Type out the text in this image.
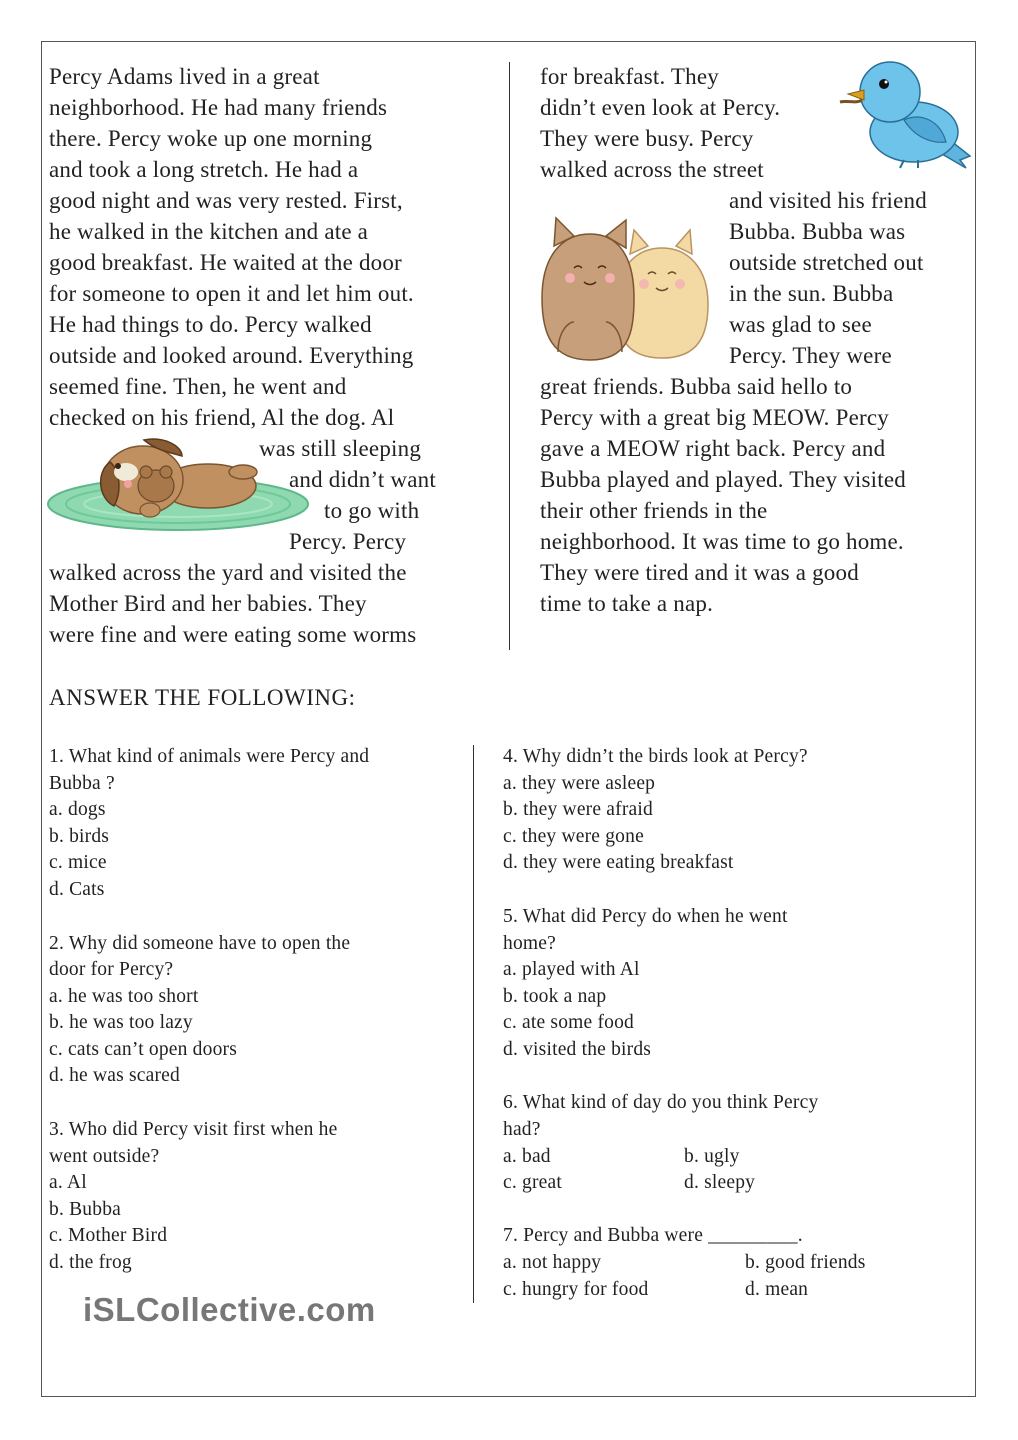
Percy Adams lived in a great
neighborhood. He had many friends
there. Percy woke up one morning
and took a long stretch. He had a
good night and was very rested. First,
he walked in the kitchen and ate a
good breakfast. He waited at the door
for someone to open it and let him out.
He had things to do. Percy walked
outside and looked around. Everything
seemed fine. Then, he went and
checked on his friend, Al the dog. Al
was still sleeping
and didn’t want
to go with
Percy. Percy
walked across the yard and visited the
Mother Bird and her babies. They
were fine and were eating some worms
for breakfast. They
didn’t even look at Percy.
They were busy. Percy
walked across the street
and visited his friend
Bubba. Bubba was
outside stretched out
in the sun. Bubba
was glad to see
Percy. They were
great friends. Bubba said hello to
Percy with a great big MEOW. Percy
gave a MEOW right back. Percy and
Bubba played and played. They visited
their other friends in the
neighborhood. It was time to go home.
They were tired and it was a good
time to take a nap.
ANSWER THE FOLLOWING:
1. What kind of animals were Percy and
Bubba ?
a. dogs
b. birds
c. mice
d. Cats
2. Why did someone have to open the
door for Percy?
a. he was too short
b. he was too lazy
c. cats can’t open doors
d. he was scared
3. Who did Percy visit first when he
went outside?
a. Al
b. Bubba
c. Mother Bird
d. the frog
4. Why didn’t the birds look at Percy?
a. they were asleep
b. they were afraid
c. they were gone
d. they were eating breakfast
5. What did Percy do when he went
home?
a. played with Al
b. took a nap
c. ate some food
d. visited the birds
6. What kind of day do you think Percy
had?
a. bad	b. ugly
c. great	d. sleepy
7. Percy and Bubba were _________.
a. not happy	b. good friends
c. hungry for food	d. mean
iSLCollective.com
